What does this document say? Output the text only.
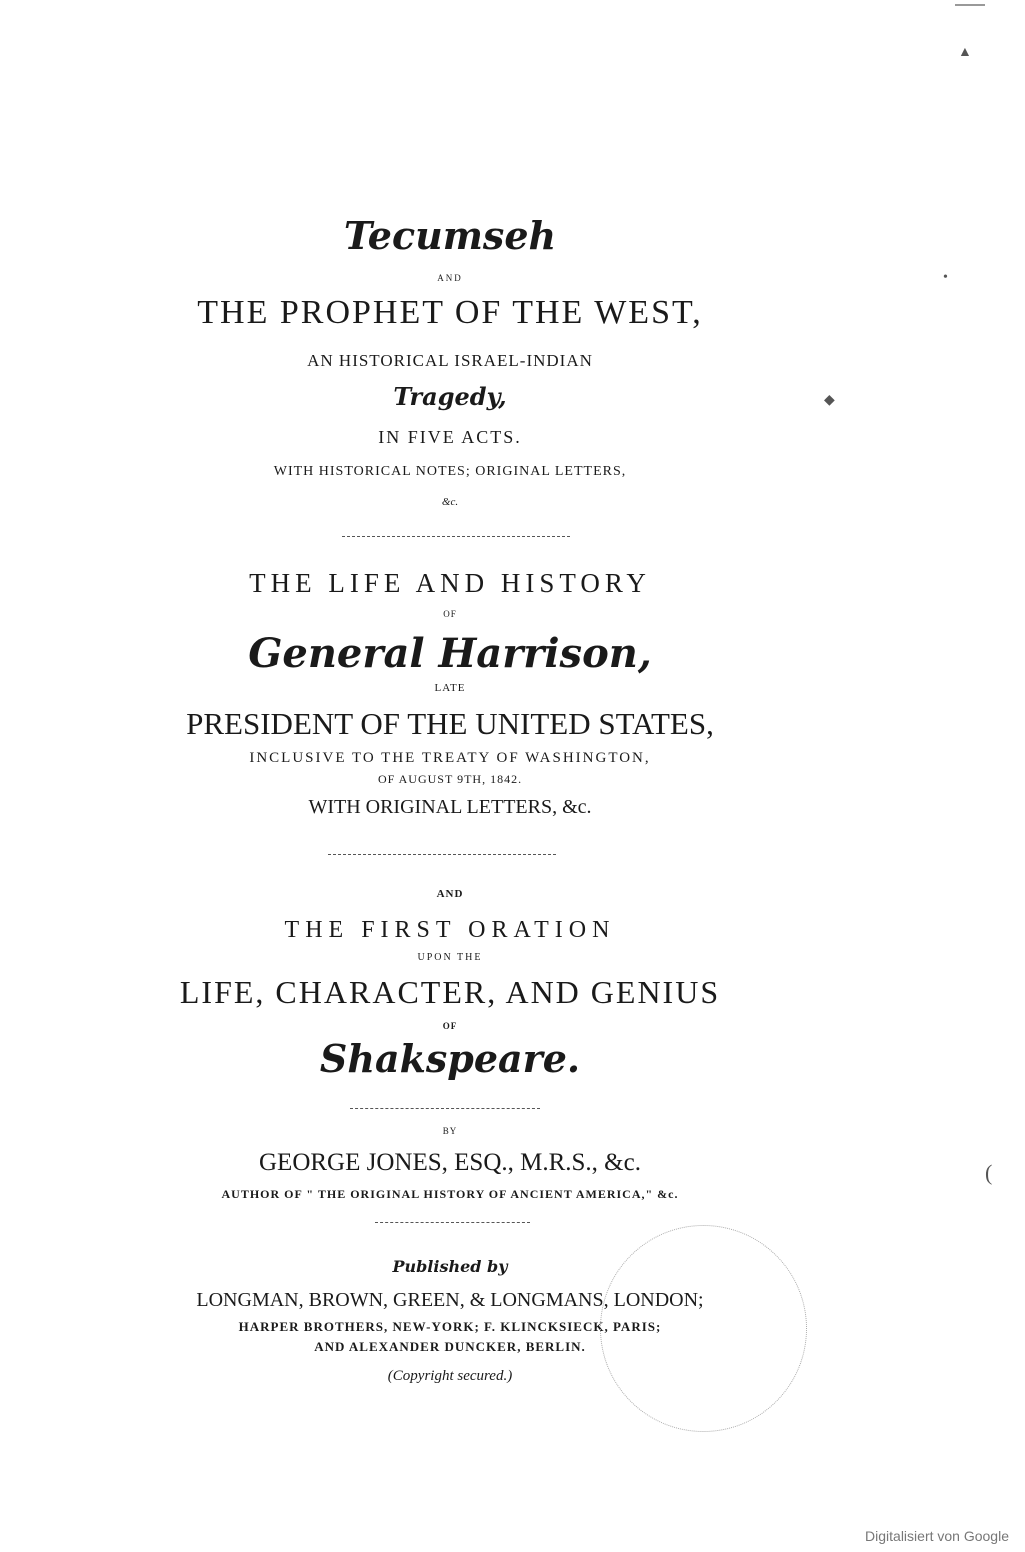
Tecumseh
AND
THE PROPHET OF THE WEST,
AN HISTORICAL ISRAEL-INDIAN
Tragedy,
IN FIVE ACTS.
WITH HISTORICAL NOTES; ORIGINAL LETTERS,
&c.
THE LIFE AND HISTORY
OF
General Harrison,
LATE
PRESIDENT OF THE UNITED STATES,
INCLUSIVE TO THE TREATY OF WASHINGTON,
OF AUGUST 9TH, 1842.
WITH ORIGINAL LETTERS, &c.
AND
THE FIRST ORATION
UPON THE
LIFE, CHARACTER, AND GENIUS
OF
Shakspeare.
BY
GEORGE JONES, ESQ., M.R.S., &c.
AUTHOR OF " THE ORIGINAL HISTORY OF ANCIENT AMERICA," &c.
Published by
LONGMAN, BROWN, GREEN, & LONGMANS, LONDON;
HARPER BROTHERS, NEW-YORK; F. KLINCKSIECK, PARIS;
AND ALEXANDER DUNCKER, BERLIN.
(Copyright secured.)
▲
•
◆
(
Digitalisiert von Google
